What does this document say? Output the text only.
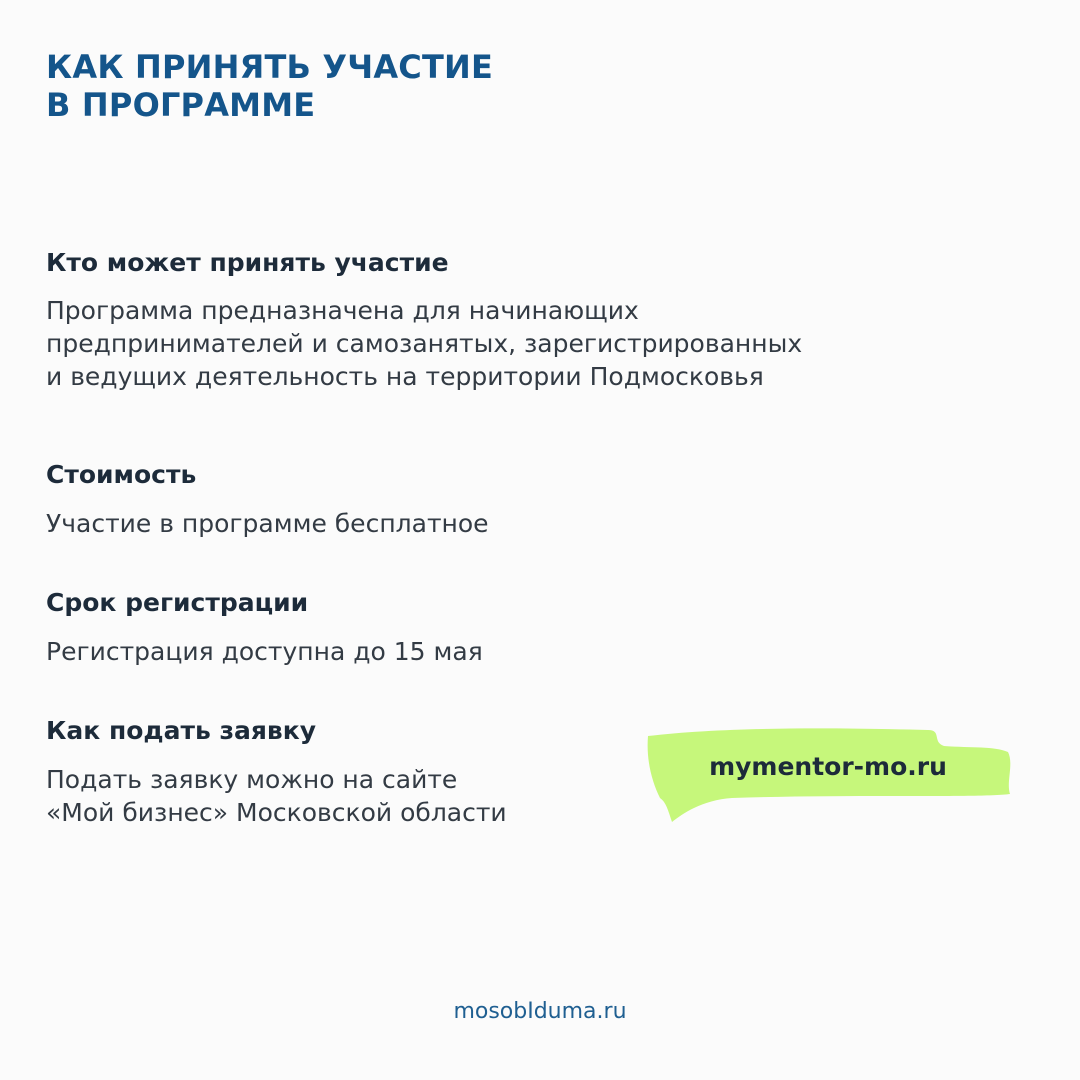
КАК ПРИНЯТЬ УЧАСТИЕ
В ПРОГРАММЕ
Кто может принять участие

Программа предназначена для начинающих
предпринимателей и самозанятых, зарегистрированных
и ведущих деятельность на территории Подмосковья

Стоимость

Участие в программе бесплатное

Срок регистрации

Регистрация доступна до 15 мая

Как подать заявку

Подать заявку можно на сайте
«Мой бизнес» Московской области

mymentor-mo.ru
mosobIduma.ru
